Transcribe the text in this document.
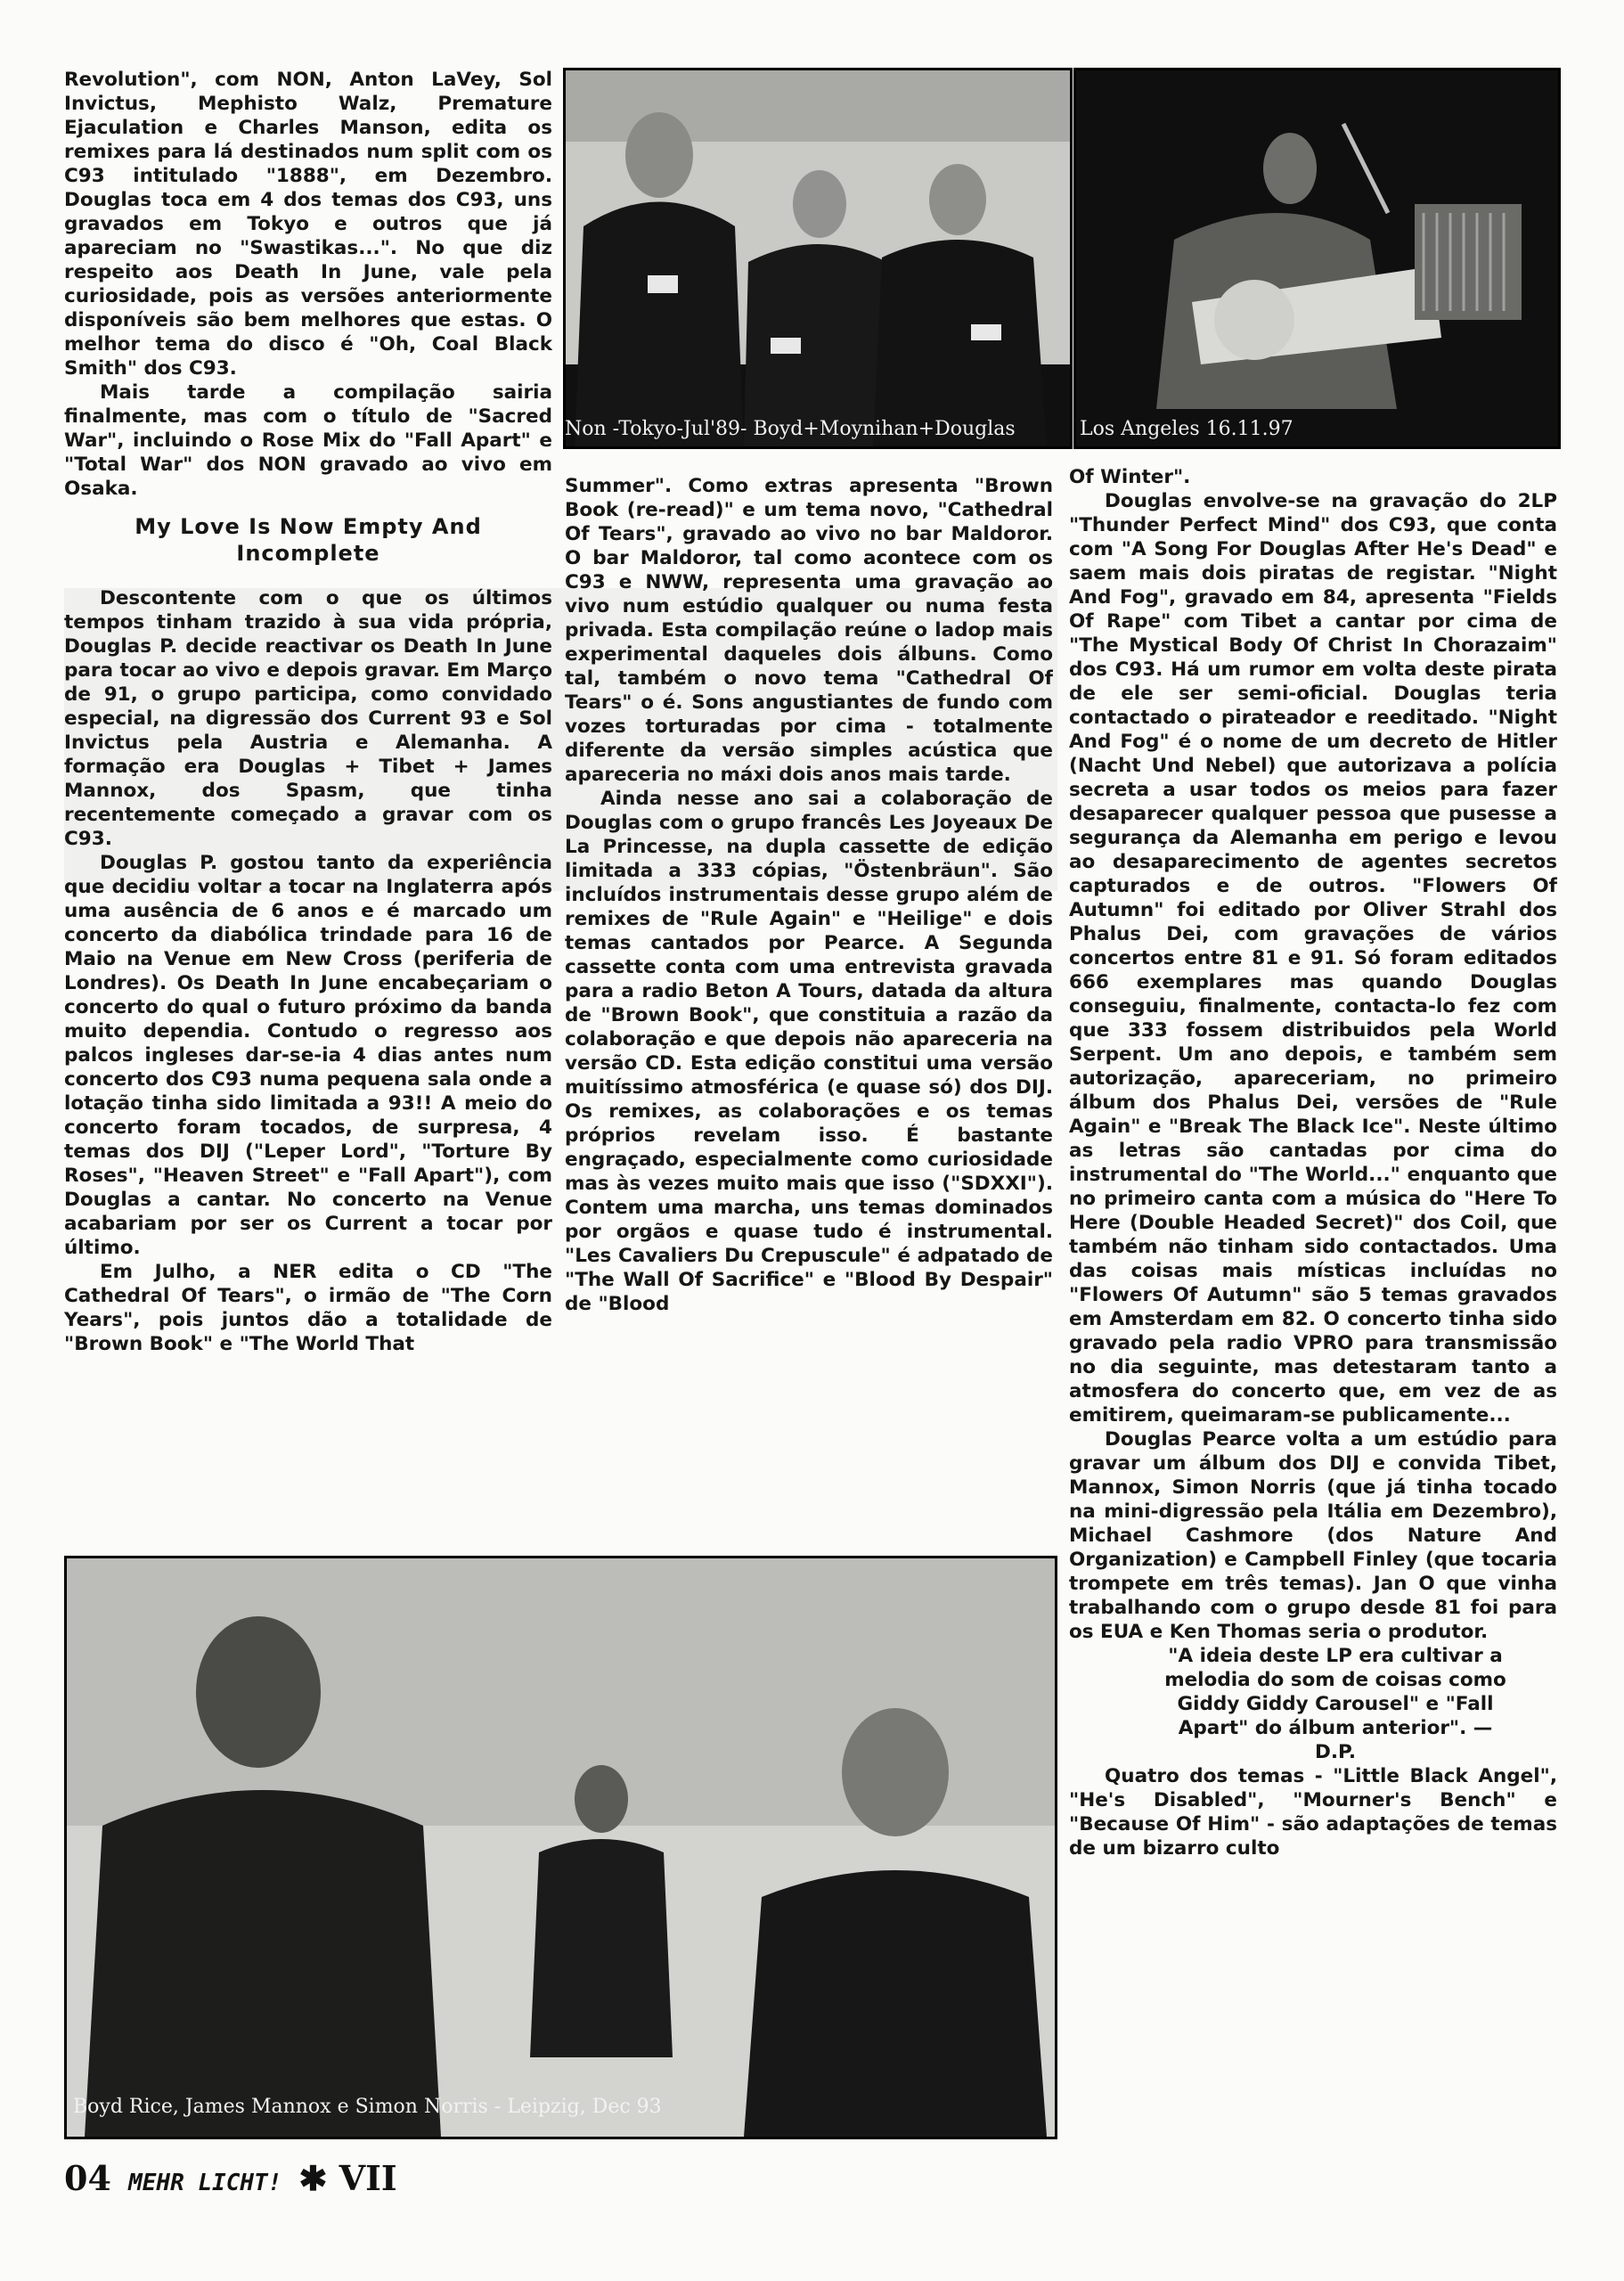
Non -Tokyo-Jul'89- Boyd+Moynihan+Douglas	Los Angeles 16.11.97
Boyd Rice, James Mannox e Simon Norris - Leipzig, Dec 93

Revolution", com NON, Anton LaVey, Sol Invictus, Mephisto Walz, Premature Ejaculation e Charles Manson, edita os remixes para lá destinados num split com os C93 intitulado "1888", em Dezembro. Douglas toca em 4 dos temas dos C93, uns gravados em Tokyo e outros que já apareciam no "Swastikas...". No que diz respeito aos Death In June, vale pela curiosidade, pois as versões anteriormente disponíveis são bem melhores que estas. O melhor tema do disco é "Oh, Coal Black Smith" dos C93.

Mais tarde a compilação sairia finalmente, mas com o título de "Sacred War", incluindo o Rose Mix do "Fall Apart" e "Total War" dos NON gravado ao vivo em Osaka.

My Love Is Now Empty And Incomplete

Descontente com o que os últimos tempos tinham trazido à sua vida própria, Douglas P. decide reactivar os Death In June para tocar ao vivo e depois gravar. Em Março de 91, o grupo participa, como convidado especial, na digressão dos Current 93 e Sol Invictus pela Austria e Alemanha. A formação era Douglas + Tibet + James Mannox, dos Spasm, que tinha recentemente começado a gravar com os C93.

Douglas P. gostou tanto da experiência que decidiu voltar a tocar na Inglaterra após uma ausência de 6 anos e é marcado um concerto da diabólica trindade para 16 de Maio na Venue em New Cross (periferia de Londres). Os Death In June encabeçariam o concerto do qual o futuro próximo da banda muito dependia. Contudo o regresso aos palcos ingleses dar-se-ia 4 dias antes num concerto dos C93 numa pequena sala onde a lotação tinha sido limitada a 93!! A meio do concerto foram tocados, de surpresa, 4 temas dos DIJ ("Leper Lord", "Torture By Roses", "Heaven Street" e "Fall Apart"), com Douglas a cantar. No concerto na Venue acabariam por ser os Current a tocar por último.

Em Julho, a NER edita o CD "The Cathedral Of Tears", o irmão de "The Corn Years", pois juntos dão a totalidade de "Brown Book" e "The World That

Summer". Como extras apresenta "Brown Book (re-read)" e um tema novo, "Cathedral Of Tears", gravado ao vivo no bar Maldoror. O bar Maldoror, tal como acontece com os C93 e NWW, representa uma gravação ao vivo num estúdio qualquer ou numa festa privada. Esta compilação reúne o ladop mais experimental daqueles dois álbuns. Como tal, também o novo tema "Cathedral Of Tears" o é. Sons angustiantes de fundo com vozes torturadas por cima - totalmente diferente da versão simples acústica que apareceria no máxi dois anos mais tarde.

Ainda nesse ano sai a colaboração de Douglas com o grupo francês Les Joyeaux De La Princesse, na dupla cassette de edição limitada a 333 cópias, "Östenbräun". São incluídos instrumentais desse grupo além de remixes de "Rule Again" e "Heilige" e dois temas cantados por Pearce. A Segunda cassette conta com uma entrevista gravada para a radio Beton A Tours, datada da altura de "Brown Book", que constituia a razão da colaboração e que depois não apareceria na versão CD. Esta edição constitui uma versão muitíssimo atmosférica (e quase só) dos DIJ. Os remixes, as colaborações e os temas próprios revelam isso. É bastante engraçado, especialmente como curiosidade mas às vezes muito mais que isso ("SDXXI"). Contem uma marcha, uns temas dominados por orgãos e quase tudo é instrumental. "Les Cavaliers Du Crepuscule" é adpatado de "The Wall Of Sacrifice" e "Blood By Despair" de "Blood

Of Winter".

Douglas envolve-se na gravação do 2LP "Thunder Perfect Mind" dos C93, que conta com "A Song For Douglas After He's Dead" e saem mais dois piratas de registar. "Night And Fog", gravado em 84, apresenta "Fields Of Rape" com Tibet a cantar por cima de "The Mystical Body Of Christ In Chorazaim" dos C93. Há um rumor em volta deste pirata de ele ser semi-oficial. Douglas teria contactado o pirateador e reeditado. "Night And Fog" é o nome de um decreto de Hitler (Nacht Und Nebel) que autorizava a polícia secreta a usar todos os meios para fazer desaparecer qualquer pessoa que pusesse a segurança da Alemanha em perigo e levou ao desaparecimento de agentes secretos capturados e de outros. "Flowers Of Autumn" foi editado por Oliver Strahl dos Phalus Dei, com gravações de vários concertos entre 81 e 91. Só foram editados 666 exemplares mas quando Douglas conseguiu, finalmente, contacta-lo fez com que 333 fossem distribuidos pela World Serpent. Um ano depois, e também sem autorização, apareceriam, no primeiro álbum dos Phalus Dei, versões de "Rule Again" e "Break The Black Ice". Neste último as letras são cantadas por cima do instrumental do "The World..." enquanto que no primeiro canta com a música do "Here To Here (Double Headed Secret)" dos Coil, que também não tinham sido contactados. Uma das coisas mais místicas incluídas no "Flowers Of Autumn" são 5 temas gravados em Amsterdam em 82. O concerto tinha sido gravado pela radio VPRO para transmissão no dia seguinte, mas detestaram tanto a atmosfera do concerto que, em vez de as emitirem, queimaram-se publicamente...

Douglas Pearce volta a um estúdio para gravar um álbum dos DIJ e convida Tibet, Mannox, Simon Norris (que já tinha tocado na mini-digressão pela Itália em Dezembro), Michael Cashmore (dos Nature And Organization) e Campbell Finley (que tocaria trompete em três temas). Jan O que vinha trabalhando com o grupo desde 81 foi para os EUA e Ken Thomas seria o produtor.

"A ideia deste LP era cultivar a melodia do som de coisas como Giddy Giddy Carousel" e "Fall Apart" do álbum anterior". — D.P.

Quatro dos temas - "Little Black Angel", "He's Disabled", "Mourner's Bench" e "Because Of Him" - são adaptações de temas de um bizarro culto

04 MEHR LICHT! ✱ VII
